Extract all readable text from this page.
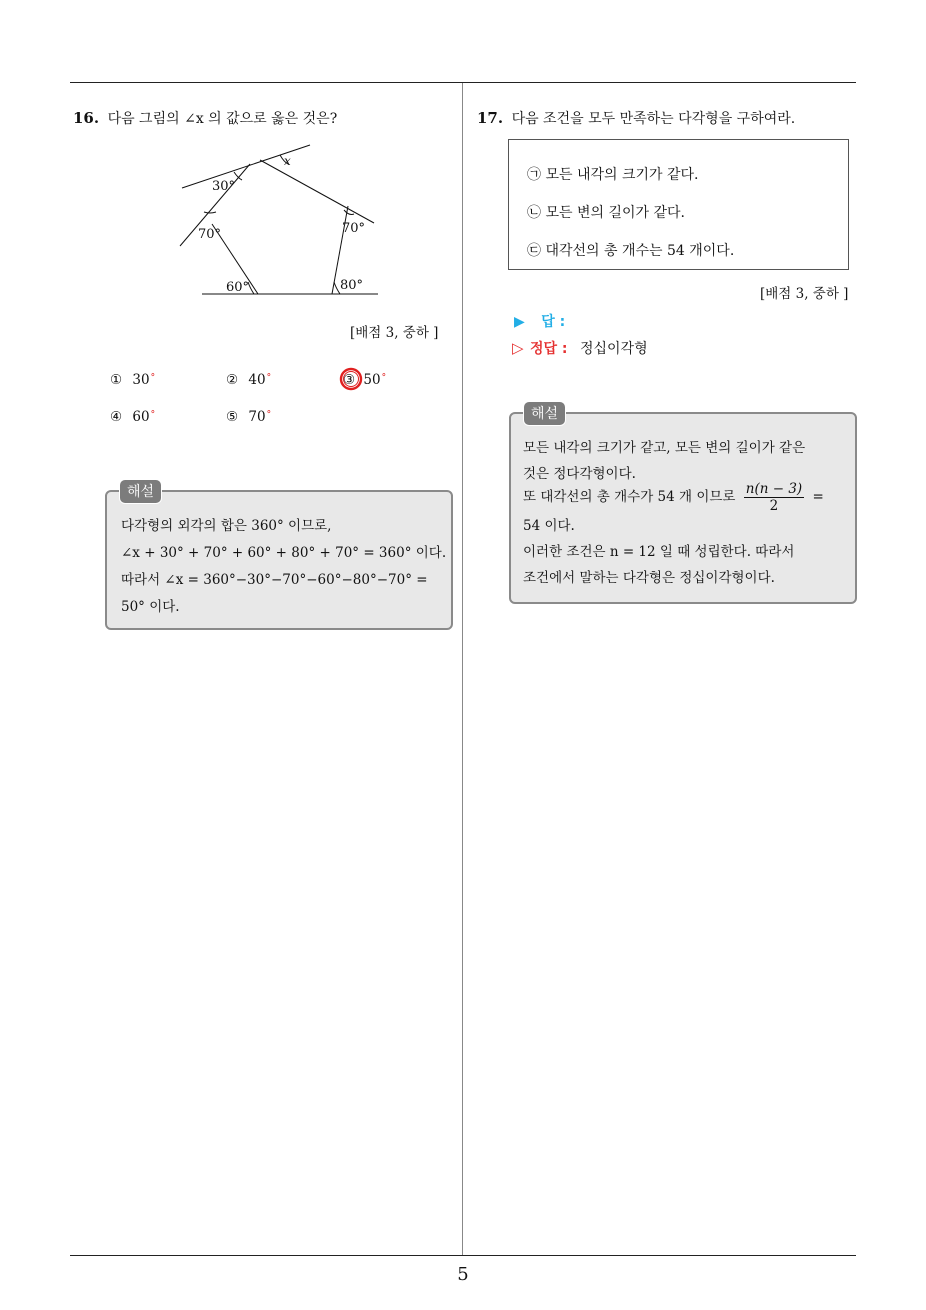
5
16. 다음 그림의 ∠x 의 값으로 옳은 것은?
x
30°
70°	70°
60°	80°
[배점 3, 중하 ]
① 30°	② 40°	③ 50°
④ 60°	⑤ 70°
다각형의 외각의 합은 360° 이므로,
∠x + 30° + 70° + 60° + 80° + 70° = 360° 이다.
따라서 ∠x = 360°−30°−70°−60°−80°−70° =
50° 이다.
해설
17. 다음 조건을 모두 만족하는 다각형을 구하여라.
㉠ 모든 내각의 크기가 같다.
㉡ 모든 변의 길이가 같다.
㉢ 대각선의 총 개수는 54 개이다.
[배점 3, 중하 ]
▶ 답 :
▷ 정답 : 정십이각형
모든 내각의 크기가 같고, 모든 변의 길이가 같은
것은 정다각형이다.
또 대각선의 총 개수가 54 개 이므로 $\frac{n(n - 3)}{2}$ =
54 이다.
이러한 조건은 n = 12 일 때 성립한다. 따라서
조건에서 말하는 다각형은 정십이각형이다.
해설
